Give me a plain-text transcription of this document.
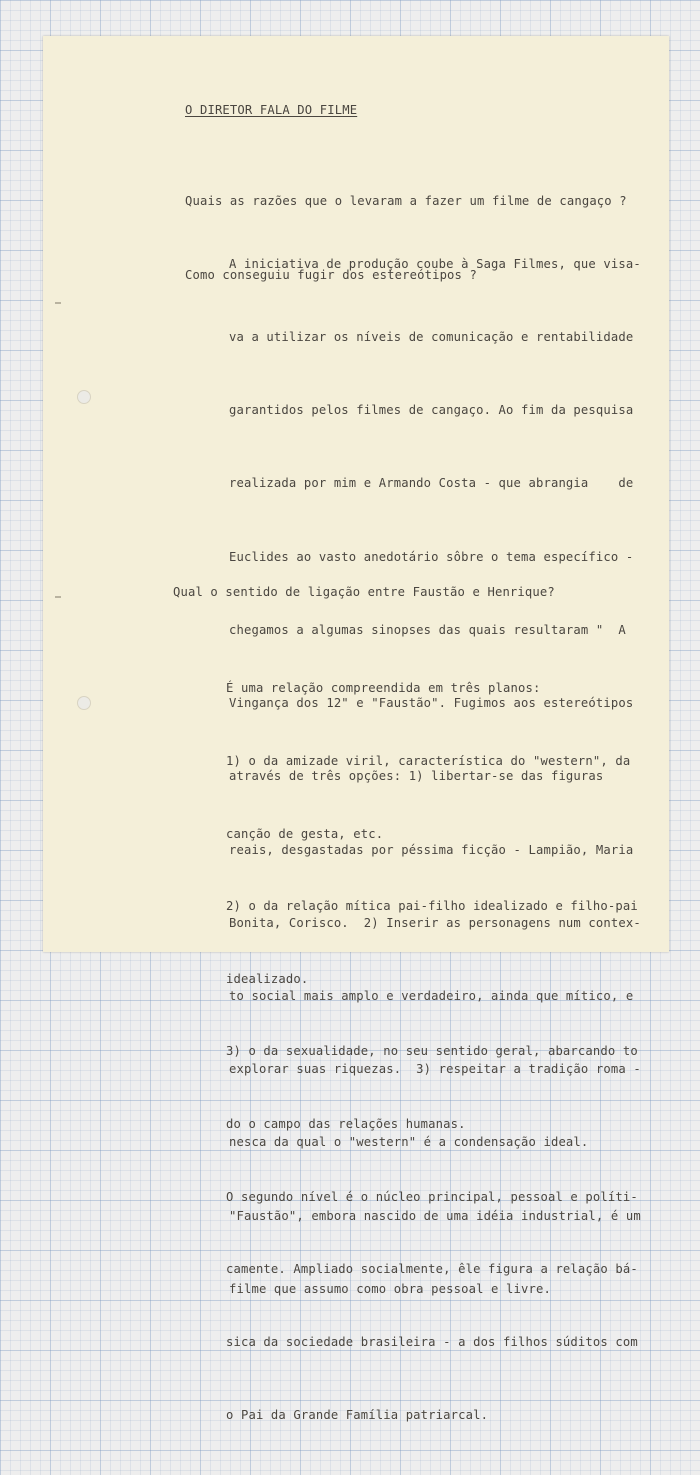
O DIRETOR FALA DO FILME

Quais as razões que o levaram a fazer um filme de cangaço ?

Como conseguiu fugir dos estereótipos ?

A iniciativa de produção coube à Saga Filmes, que visa-

va a utilizar os níveis de comunicação e rentabilidade

garantidos pelos filmes de cangaço. Ao fim da pesquisa

realizada por mim e Armando Costa - que abrangia    de

Euclides ao vasto anedotário sôbre o tema específico -

chegamos a algumas sinopses das quais resultaram "  A

Vingança dos 12" e "Faustão". Fugimos aos estereótipos

através de três opções: 1) libertar-se das figuras

reais, desgastadas por péssima ficção - Lampião, Maria

Bonita, Corisco.  2) Inserir as personagens num contex-

to social mais amplo e verdadeiro, ainda que mítico, e

explorar suas riquezas.  3) respeitar a tradição roma -

nesca da qual o "western" é a condensação ideal.

"Faustão", embora nascido de uma idéia industrial, é um

filme que assumo como obra pessoal e livre.

Qual o sentido de ligação entre Faustão e Henrique?

É uma relação compreendida em três planos:

1) o da amizade viril, característica do "western", da

canção de gesta, etc.

2) o da relação mítica pai-filho idealizado e filho-pai

idealizado.

3) o da sexualidade, no seu sentido geral, abarcando to

do o campo das relações humanas.

O segundo nível é o núcleo principal, pessoal e políti-

camente. Ampliado socialmente, êle figura a relação bá-

sica da sociedade brasileira - a dos filhos súditos com

o Pai da Grande Família patriarcal.
